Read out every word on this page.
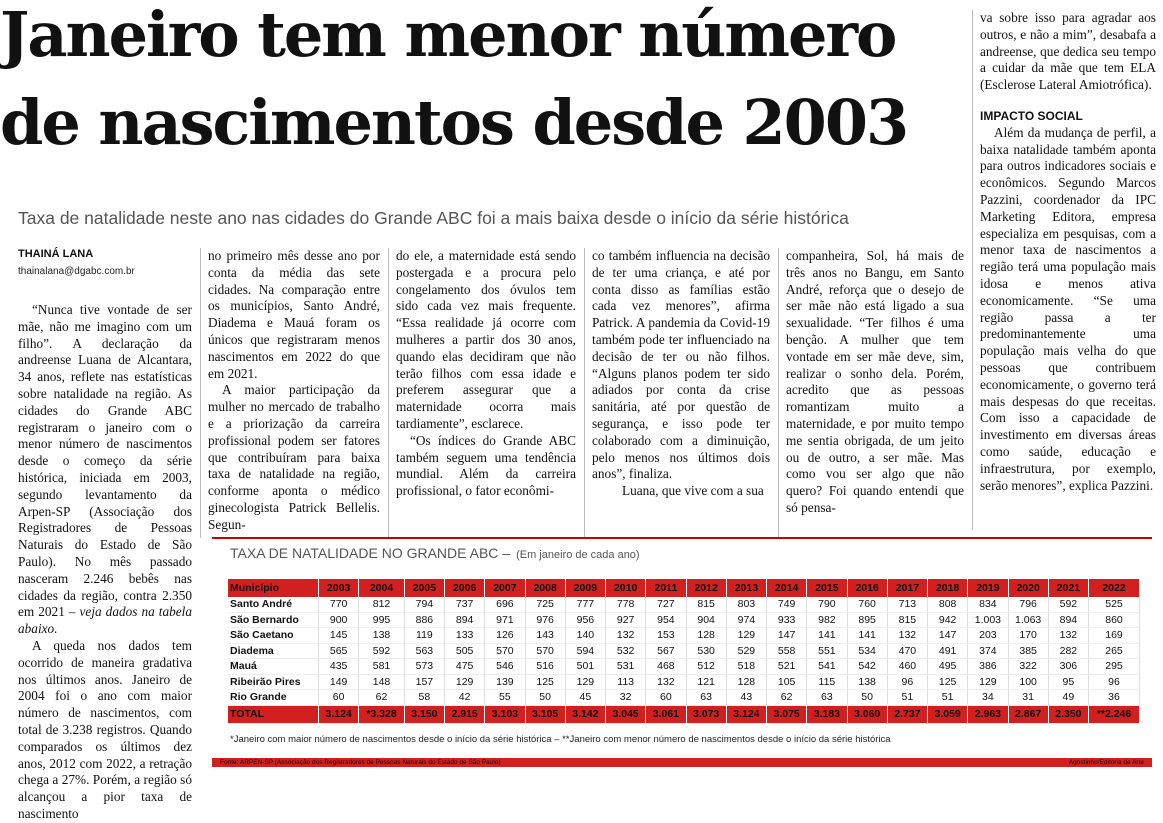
Janeiro tem menor número
de nascimentos desde 2003
Taxa de natalidade neste ano nas cidades do Grande ABC foi a mais baixa desde o início da série histórica
THAINÁ LANA
thainalana@dgabc.com.br

“Nunca tive vontade de ser mãe, não me imagino com um filho”. A declaração da andreense Luana de Alcantara, 34 anos, reflete nas estatísticas sobre natalidade na região. As cidades do Grande ABC registraram o janeiro com o menor número de nascimentos desde o começo da série histórica, iniciada em 2003, segundo levantamento da Arpen-SP (Associação dos Registradores de Pessoas Naturais do Estado de São Paulo). No mês passado nasceram 2.246 bebês nas cidades da região, contra 2.350 em 2021 – veja dados na tabela abaixo.

A queda nos dados tem ocorrido de maneira gradativa nos últimos anos. Janeiro de 2004 foi o ano com maior número de nascimentos, com total de 3.238 registros. Quando comparados os últimos dez anos, 2012 com 2022, a retração chega a 27%. Porém, a região só alcançou a pior taxa de nascimento

no primeiro mês desse ano por conta da média das sete cidades. Na comparação entre os municípios, Santo André, Diadema e Mauá foram os únicos que registraram menos nascimentos em 2022 do que em 2021.

A maior participação da mulher no mercado de trabalho e a priorização da carreira profissional podem ser fatores que contribuíram para baixa taxa de natalidade na região, conforme aponta o médico ginecologista Patrick Bellelis. Segun-

do ele, a maternidade está sendo postergada e a procura pelo congelamento dos óvulos tem sido cada vez mais frequente. “Essa realidade já ocorre com mulheres a partir dos 30 anos, quando elas decidiram que não terão filhos com essa idade e preferem assegurar que a maternidade ocorra mais tardiamente”, esclarece.

“Os índices do Grande ABC também seguem uma tendência mundial. Além da carreira profissional, o fator econômi-

co também influencia na decisão de ter uma criança, e até por conta disso as famílias estão cada vez menores”, afirma Patrick. A pandemia da Covid-19 também pode ter influenciado na decisão de ter ou não filhos. “Alguns planos podem ter sido adiados por conta da crise sanitária, até por questão de segurança, e isso pode ter colaborado com a diminuição, pelo menos nos últimos dois anos”, finaliza.

Luana, que vive com a sua

companheira, Sol, há mais de três anos no Bangu, em Santo André, reforça que o desejo de ser mãe não está ligado a sua sexualidade. “Ter filhos é uma benção. A mulher que tem vontade em ser mãe deve, sim, realizar o sonho dela. Porém, acredito que as pessoas romantizam muito a maternidade, e por muito tempo me sentia obrigada, de um jeito ou de outro, a ser mãe. Mas como vou ser algo que não quero? Foi quando entendi que só pensa-

va sobre isso para agradar aos outros, e não a mim”, desabafa a andreense, que dedica seu tempo a cuidar da mãe que tem ELA (Esclerose Lateral Amiotrófica).

IMPACTO SOCIAL

Além da mudança de perfil, a baixa natalidade também aponta para outros indicadores sociais e econômicos. Segundo Marcos Pazzini, coordenador da IPC Marketing Editora, empresa especializa em pesquisas, com a menor taxa de nascimentos a região terá uma população mais idosa e menos ativa economicamente. “Se uma região passa a ter predominantemente uma população mais velha do que pessoas que contribuem economicamente, o governo terá mais despesas do que receitas. Com isso a capacidade de investimento em diversas áreas como saúde, educação e infraestrutura, por exemplo, serão menores”, explica Pazzini.

TAXA DE NATALIDADE NO GRANDE ABC – (Em janeiro de cada ano)
Município	2003	2004	2005	2006	2007	2008	2009	2010	2011	2012	2013	2014	2015	2016	2017	2018	2019	2020	2021	2022
Santo André	770	812	794	737	696	725	777	778	727	815	803	749	790	760	713	808	834	796	592	525
São Bernardo	900	995	886	894	971	976	956	927	954	904	974	933	982	895	815	942	1.003	1.063	894	860
São Caetano	145	138	119	133	126	143	140	132	153	128	129	147	141	141	132	147	203	170	132	169
Diadema	565	592	563	505	570	570	594	532	567	530	529	558	551	534	470	491	374	385	282	265
Mauá	435	581	573	475	546	516	501	531	468	512	518	521	541	542	460	495	386	322	306	295
Ribeirão Pires	149	148	157	129	139	125	129	113	132	121	128	105	115	138	96	125	129	100	95	96
Rio Grande	60	62	58	42	55	50	45	32	60	63	43	62	63	50	51	51	34	31	49	36
TOTAL	3.124	*3.328	3.150	2.915	3.103	3.105	3.142	3.045	3.061	3.073	3.124	3.075	3.183	3.060	2.737	3.059	2.963	2.867	2.350	**2.246
*Janeiro com maior número de nascimentos desde o início da série histórica – **Janeiro com menor número de nascimentos desde o início da série histórica
Fonte: ARPEN-SP (Associação dos Registradores de Pessoas Naturais do Estado de São Paulo)	Agostinho/Editoria de Arte
